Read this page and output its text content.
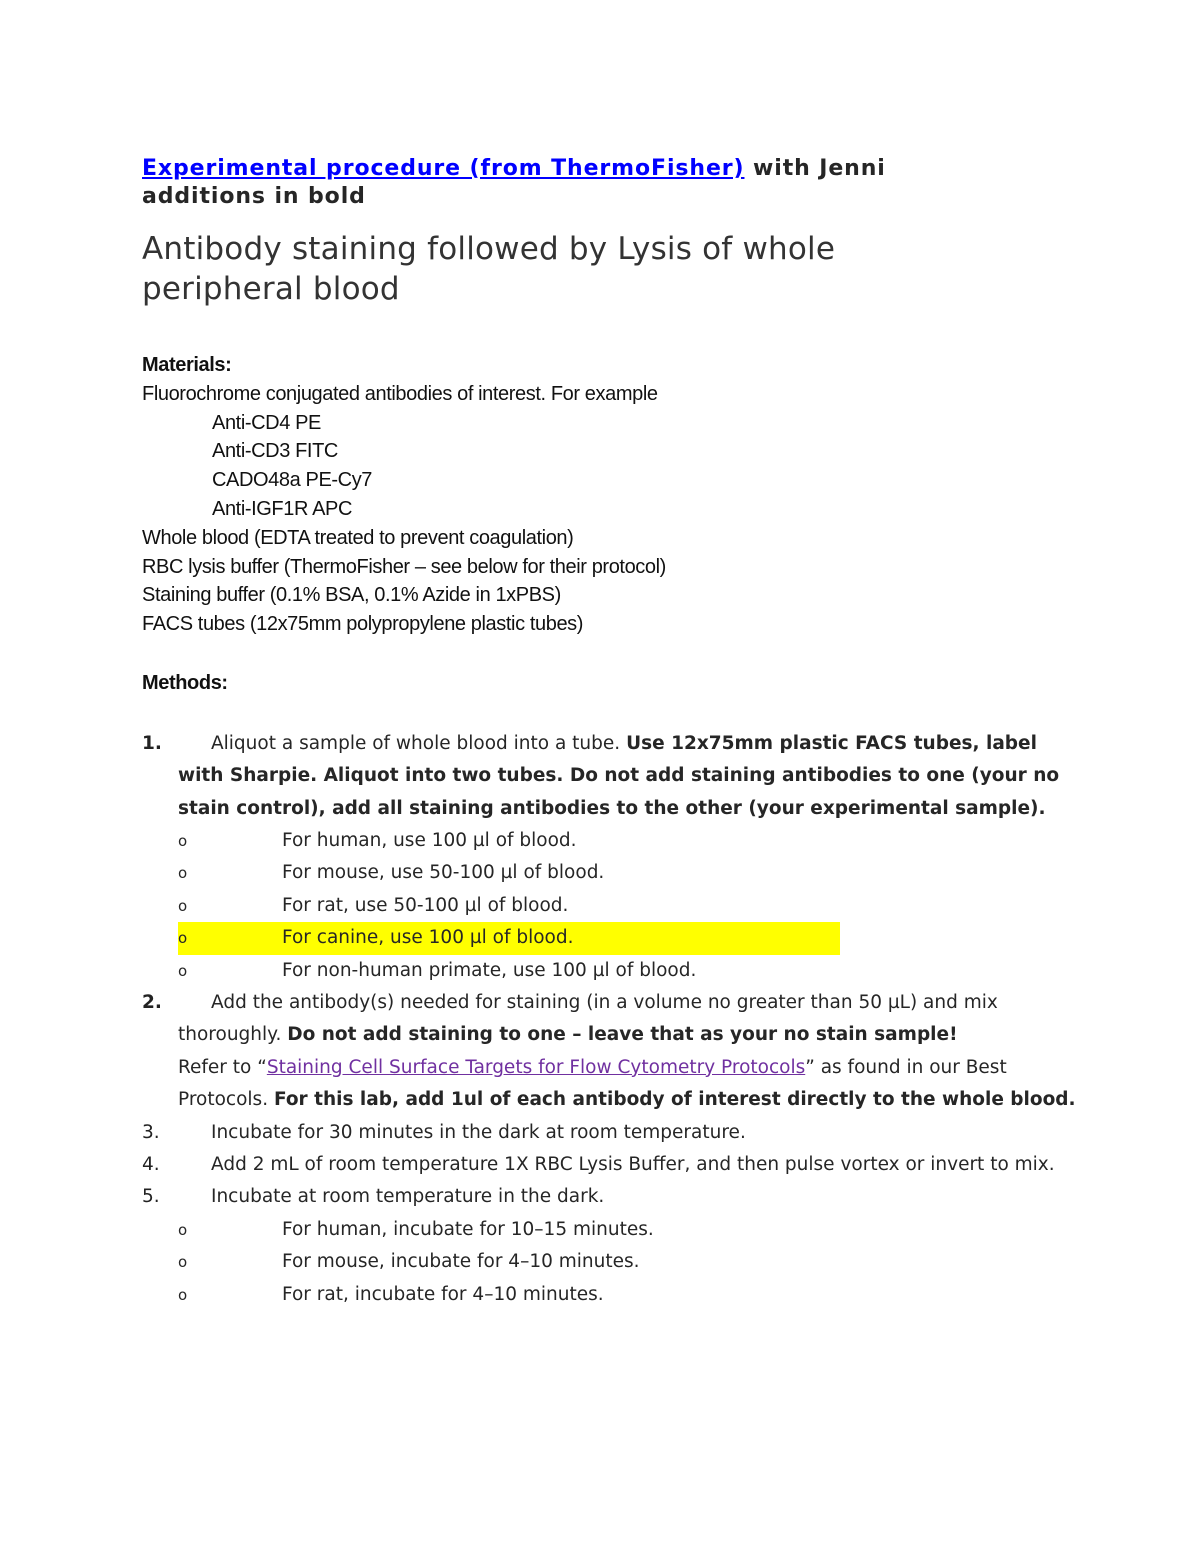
Experimental procedure (from ThermoFisher) with Jenni
additions in bold

Antibody staining followed by Lysis of whole
peripheral blood
Materials:
Fluorochrome conjugated antibodies of interest. For example
Anti-CD4 PE
Anti-CD3 FITC
CADO48a PE-Cy7
Anti-IGF1R APC
Whole blood (EDTA treated to prevent coagulation)
RBC lysis buffer (ThermoFisher – see below for their protocol)
Staining buffer (0.1% BSA, 0.1% Azide in 1xPBS)
FACS tubes (12x75mm polypropylene plastic tubes)
Methods:
1.	Aliquot a sample of whole blood into a tube. Use 12x75mm plastic FACS tubes, label with Sharpie. Aliquot into two tubes. Do not add staining antibodies to one (your no stain control), add all staining antibodies to the other (your experimental sample).
o	For human, use 100 µl of blood.
o	For mouse, use 50-100 µl of blood.
o	For rat, use 50-100 µl of blood.
o	For canine, use 100 µl of blood.
o	For non-human primate, use 100 µl of blood.
2.	Add the antibody(s) needed for staining (in a volume no greater than 50 µL) and mix thoroughly. Do not add staining to one – leave that as your no stain sample!
Refer to “Staining Cell Surface Targets for Flow Cytometry Protocols” as found in our Best Protocols. For this lab, add 1ul of each antibody of interest directly to the whole blood.
3.	Incubate for 30 minutes in the dark at room temperature.
4.	Add 2 mL of room temperature 1X RBC Lysis Buffer, and then pulse vortex or invert to mix.
5.	Incubate at room temperature in the dark.
o	For human, incubate for 10–15 minutes.
o	For mouse, incubate for 4–10 minutes.
o	For rat, incubate for 4–10 minutes.
